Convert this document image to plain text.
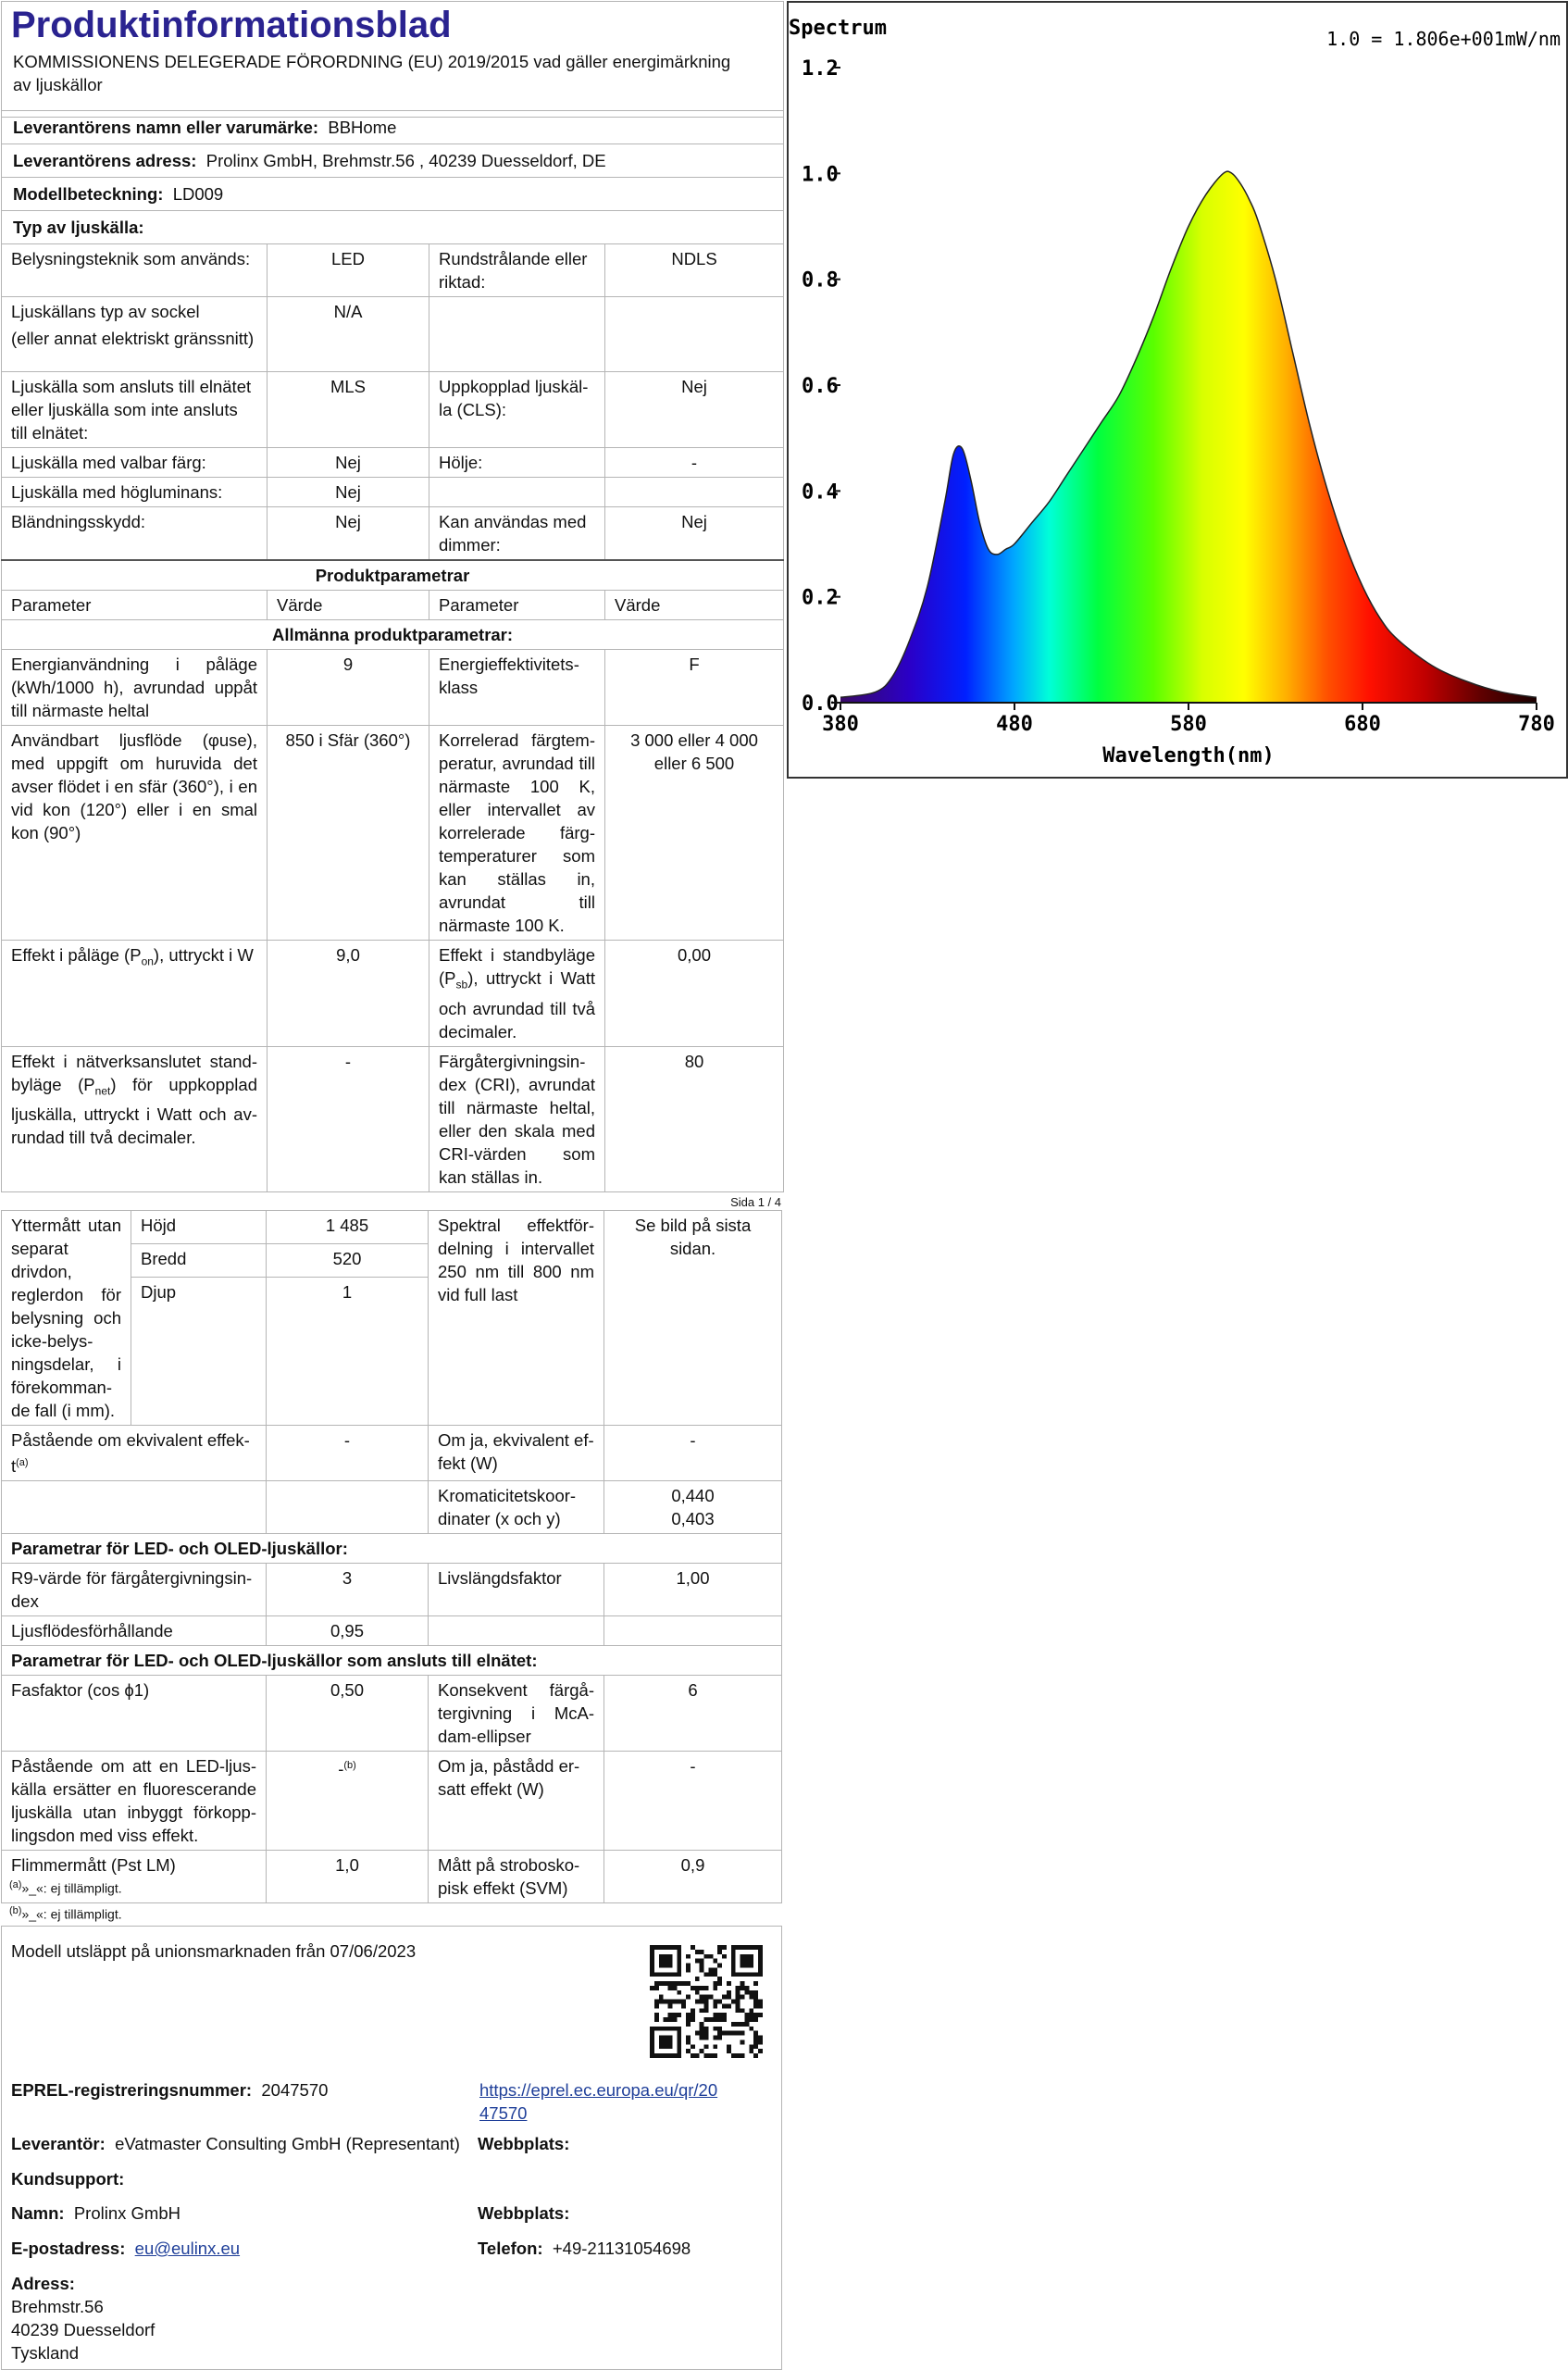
Produktinformationsblad
KOMMISSIONENS DELEGERADE FÖRORDNING (EU) 2019/2015 vad gäller energimärkning av ljuskällor
Leverantörens namn eller varumärke: BBHome			
Leverantörens adress: Prolinx GmbH, Brehmstr.56 , 40239 Duesseldorf, DE			
Modellbeteckning: LD009			
Typ av ljuskälla:			
Belysningsteknik som används:	LED	Rundstrålande eller riktad:	NDLS

Ljuskällans typ av sockel
(eller annat elektriskt gränssnitt)	N/A		
Ljuskälla som ansluts till elnätet eller ljuskälla som inte ansluts till elnätet:	MLS	Uppkopplad ljuskälla (CLS):	Nej
Ljuskälla med valbar färg:	Nej	Hölje:	-
Ljuskälla med högluminans:	Nej		
Bländningsskydd:	Nej	Kan användas med dimmer:	Nej
Produktparametrar			
Parameter	Värde	Parameter	Värde
Allmänna produktparametrar:			
Energianvändning i påläge (kWh/1000 h), avrundad uppåt till närmaste heltal	9	Energieffektivitetsklass	F
Användbart ljusflöde (φuse), med uppgift om huruvida det avser flödet i en sfär (360°), i en vid kon (120°) eller i en smal kon (90°)	850 i Sfär (360°)	Korrelerad färgtemperatur, avrundad till närmaste 100 K, eller intervallet av korrelerade färgtemperaturer som kan ställas in, avrundat till närmaste 100 K.	3 000 eller 4 000 eller 6 500
Effekt i påläge $(P_{on})$, uttryckt i W	9,0	Effekt i standbyläge $(P_{sb})$, uttryckt i Watt och avrundad till två decimaler.	0,00
Effekt i nätverksanslutet standbyläge $(P_{net})$ för uppkopplad ljuskälla, uttryckt i Watt och avrundad till två decimaler.	-	Färgåtergivningsindex (CRI), avrundat till närmaste heltal, eller den skala med CRI-värden som kan ställas in.	80
Spectrum	1.0 = 1.806e+001mW/nm
0.0
0.2
0.4
0.6
0.8
1.0
1.2
380	480	580	680	780
Wavelength(nm)
Sida 1 / 4
Yttermått utan separat drivdon, reglerdon för belysning och icke-belysningsdelar, i förekommande fall (i mm).	Höjd	1 485	Spektral effektfördelning i intervallet 250 nm till 800 nm vid full last	Se bild på sista sidan.
	Bredd	520		
	Djup	1		
Påstående om ekvivalent effekt$^{(a)}$		-	Om ja, ekvivalent effekt (W)	-
			Kromaticitetskoordinater (x och y)	0,440
0,403

Parametrar för LED- och OLED-ljuskällor:				
R9-värde för färgåtergivningsindex		3	Livslängdsfaktor	1,00
Ljusflödesförhållande		0,95		
Parametrar för LED- och OLED-ljuskällor som ansluts till elnätet:				
Fasfaktor (cos ϕ1)		0,50	Konsekvent färgåtergivning i McAdam-ellipser	6
Påstående om att en LED-ljuskälla ersätter en fluorescerande ljuskälla utan inbyggt förkopplingsdon med viss effekt.		-$^{(b)}$	Om ja, påstådd ersatt effekt (W)	-
Flimmermått (Pst LM)		1,0	Mått på stroboskopisk effekt (SVM)	0,9
$^{(a)}$»_«: ej tillämpligt.
$^{(b)}$»_«: ej tillämpligt.
Modell utsläppt på unionsmarknaden från 07/06/2023
EPREL-registreringsnummer: 2047570	https://eprel.ec.europa.eu/qr/20
47570
Leverantör: eVatmaster Consulting GmbH (Representant) Webbplats:
Kundsupport:
Namn: Prolinx GmbH	Webbplats:
E-postadress: eu@eulinx.eu	Telefon: +49-21131054698
Adress:
Brehmstr.56
40239 Duesseldorf
Tyskland
